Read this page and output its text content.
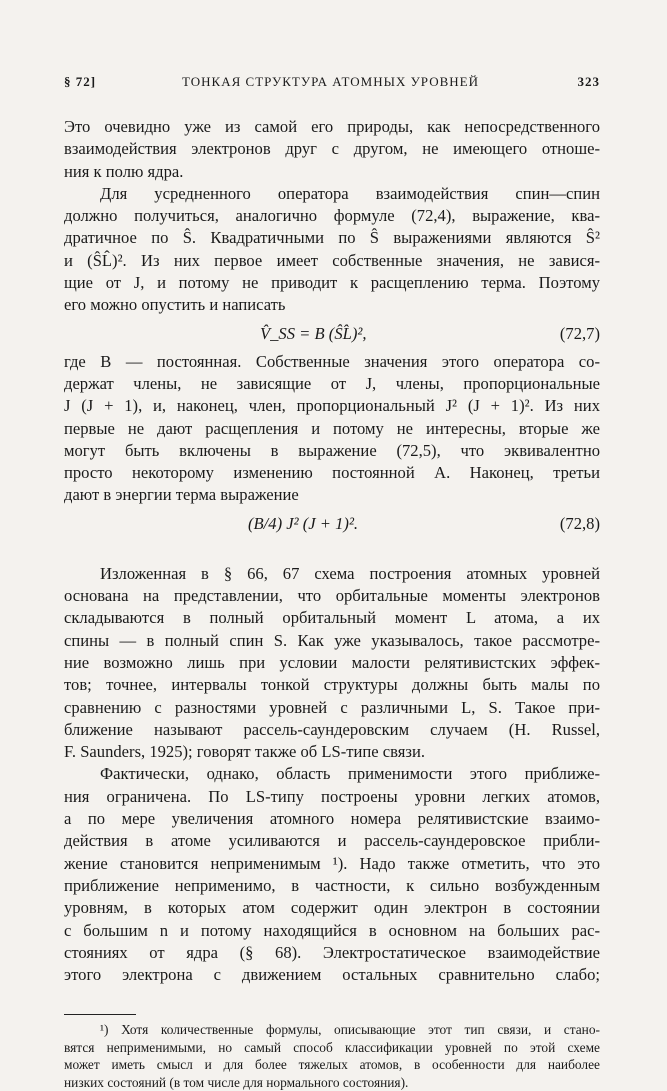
§ 72]	ТОНКАЯ СТРУКТУРА АТОМНЫХ УРОВНЕЙ	323
Это очевидно уже из самой его природы, как непосредственного
взаимодействия электронов друг с другом, не имеющего отноше-
ния к полю ядра.
Для усредненного оператора взаимодействия спин—спин
должно получиться, аналогично формуле (72,4), выражение, ква-
дратичное по Ŝ. Квадратичными по Ŝ выражениями являются Ŝ²
и (ŜL̂)². Из них первое имеет собственные значения, не завися-
щие от J, и потому не приводит к расщеплению терма. Поэтому
его можно опустить и написать
V̂_SS = B (ŜL̂)²,	(72,7)
где B — постоянная. Собственные значения этого оператора со-
держат члены, не зависящие от J, члены, пропорциональные
J (J + 1), и, наконец, член, пропорциональный J² (J + 1)². Из них
первые не дают расщепления и потому не интересны, вторые же
могут быть включены в выражение (72,5), что эквивалентно
просто некоторому изменению постоянной A. Наконец, третьи
дают в энергии терма выражение
(B/4) J² (J + 1)².	(72,8)
Изложенная в § 66, 67 схема построения атомных уровней
основана на представлении, что орбитальные моменты электронов
складываются в полный орбитальный момент L атома, а их
спины — в полный спин S. Как уже указывалось, такое рассмотре-
ние возможно лишь при условии малости релятивистских эффек-
тов; точнее, интервалы тонкой структуры должны быть малы по
сравнению с разностями уровней с различными L, S. Такое при-
ближение называют рассель-саундеровским случаем (H. Russel,
F. Saunders, 1925); говорят также об LS-типе связи.
Фактически, однако, область применимости этого приближе-
ния ограничена. По LS-типу построены уровни легких атомов,
а по мере увеличения атомного номера релятивистские взаимо-
действия в атоме усиливаются и рассель-саундеровское прибли-
жение становится неприменимым ¹). Надо также отметить, что это
приближение неприменимо, в частности, к сильно возбужденным
уровням, в которых атом содержит один электрон в состоянии
с большим n и потому находящийся в основном на больших рас-
стояниях от ядра (§ 68). Электростатическое взаимодействие
этого электрона с движением остальных сравнительно слабо;
¹) Хотя количественные формулы, описывающие этот тип связи, и стано-
вятся неприменимыми, но самый способ классификации уровней по этой схеме
может иметь смысл и для более тяжелых атомов, в особенности для наиболее
низких состояний (в том числе для нормального состояния).
